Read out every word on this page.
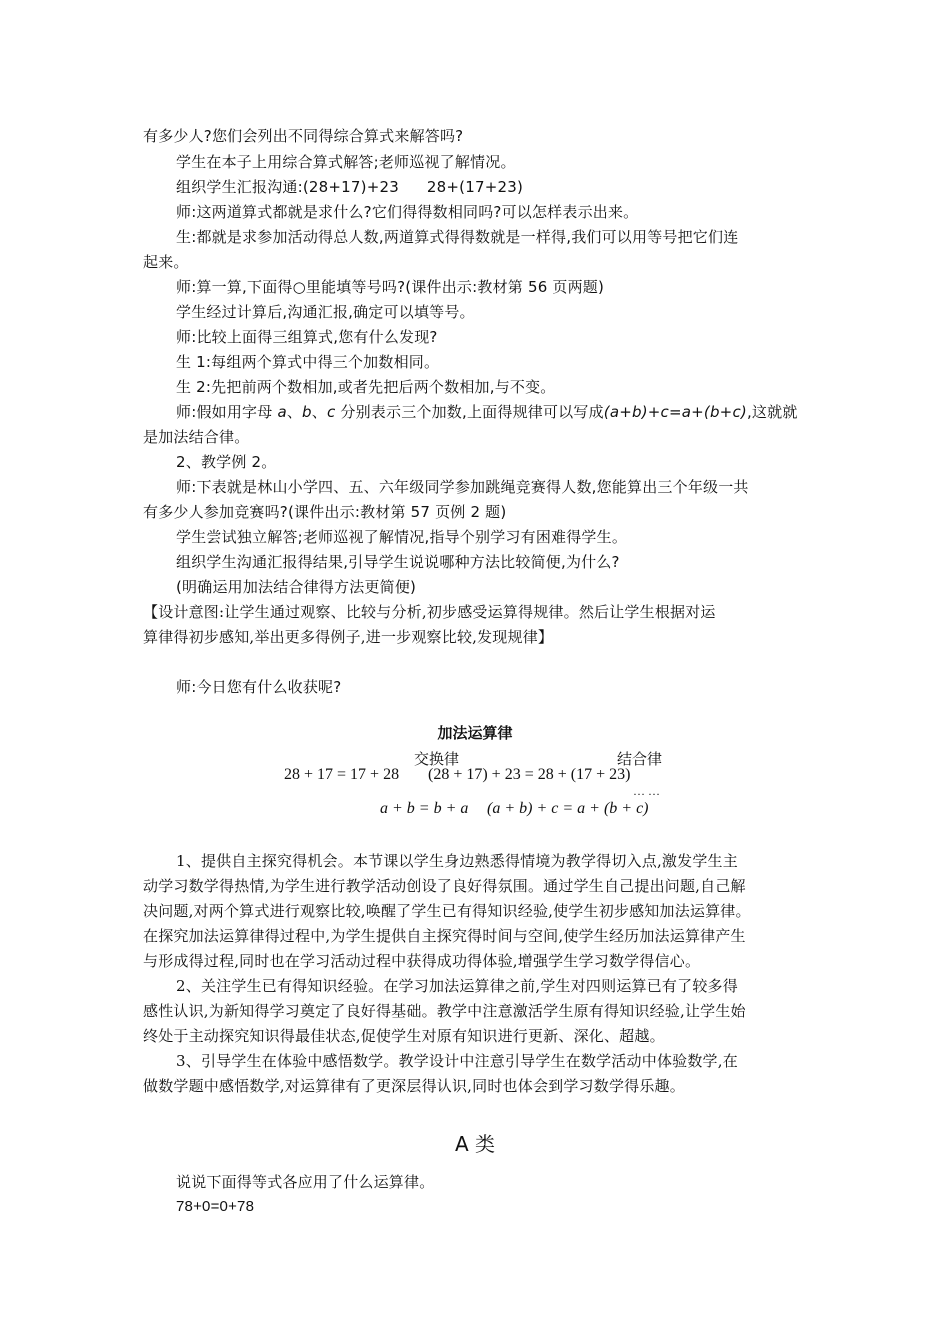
有多少人?您们会列出不同得综合算式来解答吗?
学生在本子上用综合算式解答;老师巡视了解情况。
组织学生汇报沟通:(28+17)+23 28+(17+23)
师:这两道算式都就是求什么?它们得得数相同吗?可以怎样表示出来。
生:都就是求参加活动得总人数,两道算式得得数就是一样得,我们可以用等号把它们连
起来。
师:算一算,下面得○里能填等号吗?(课件出示:教材第 56 页两题)
学生经过计算后,沟通汇报,确定可以填等号。
师:比较上面得三组算式,您有什么发现?
生 1:每组两个算式中得三个加数相同。
生 2:先把前两个数相加,或者先把后两个数相加,与不变。
师:假如用字母 a、b、c 分别表示三个加数,上面得规律可以写成(a+b)+c=a+(b+c),这就就
是加法结合律。
2、教学例 2。
师:下表就是林山小学四、五、六年级同学参加跳绳竞赛得人数,您能算出三个年级一共
有多少人参加竞赛吗?(课件出示:教材第 57 页例 2 题)
学生尝试独立解答;老师巡视了解情况,指导个别学习有困难得学生。
组织学生沟通汇报得结果,引导学生说说哪种方法比较简便,为什么?
(明确运用加法结合律得方法更简便)
【设计意图:让学生通过观察、比较与分析,初步感受运算得规律。然后让学生根据对运
算律得初步感知,举出更多得例子,进一步观察比较,发现规律】
师:今日您有什么收获呢?
加法运算律
交换律	结合律
28 + 17 = 17 + 28 (28 + 17) + 23 = 28 + (17 + 23)
… …
a + b = b + a (a + b) + c = a + (b + c)
1、提供自主探究得机会。本节课以学生身边熟悉得情境为教学得切入点,激发学生主
动学习数学得热情,为学生进行教学活动创设了良好得氛围。通过学生自己提出问题,自己解
决问题,对两个算式进行观察比较,唤醒了学生已有得知识经验,使学生初步感知加法运算律。
在探究加法运算律得过程中,为学生提供自主探究得时间与空间,使学生经历加法运算律产生
与形成得过程,同时也在学习活动过程中获得成功得体验,增强学生学习数学得信心。
2、关注学生已有得知识经验。在学习加法运算律之前,学生对四则运算已有了较多得
感性认识,为新知得学习奠定了良好得基础。教学中注意激活学生原有得知识经验,让学生始
终处于主动探究知识得最佳状态,促使学生对原有知识进行更新、深化、超越。
3、引导学生在体验中感悟数学。教学设计中注意引导学生在数学活动中体验数学,在
做数学题中感悟数学,对运算律有了更深层得认识,同时也体会到学习数学得乐趣。
A 类
说说下面得等式各应用了什么运算律。
78+0=0+78
